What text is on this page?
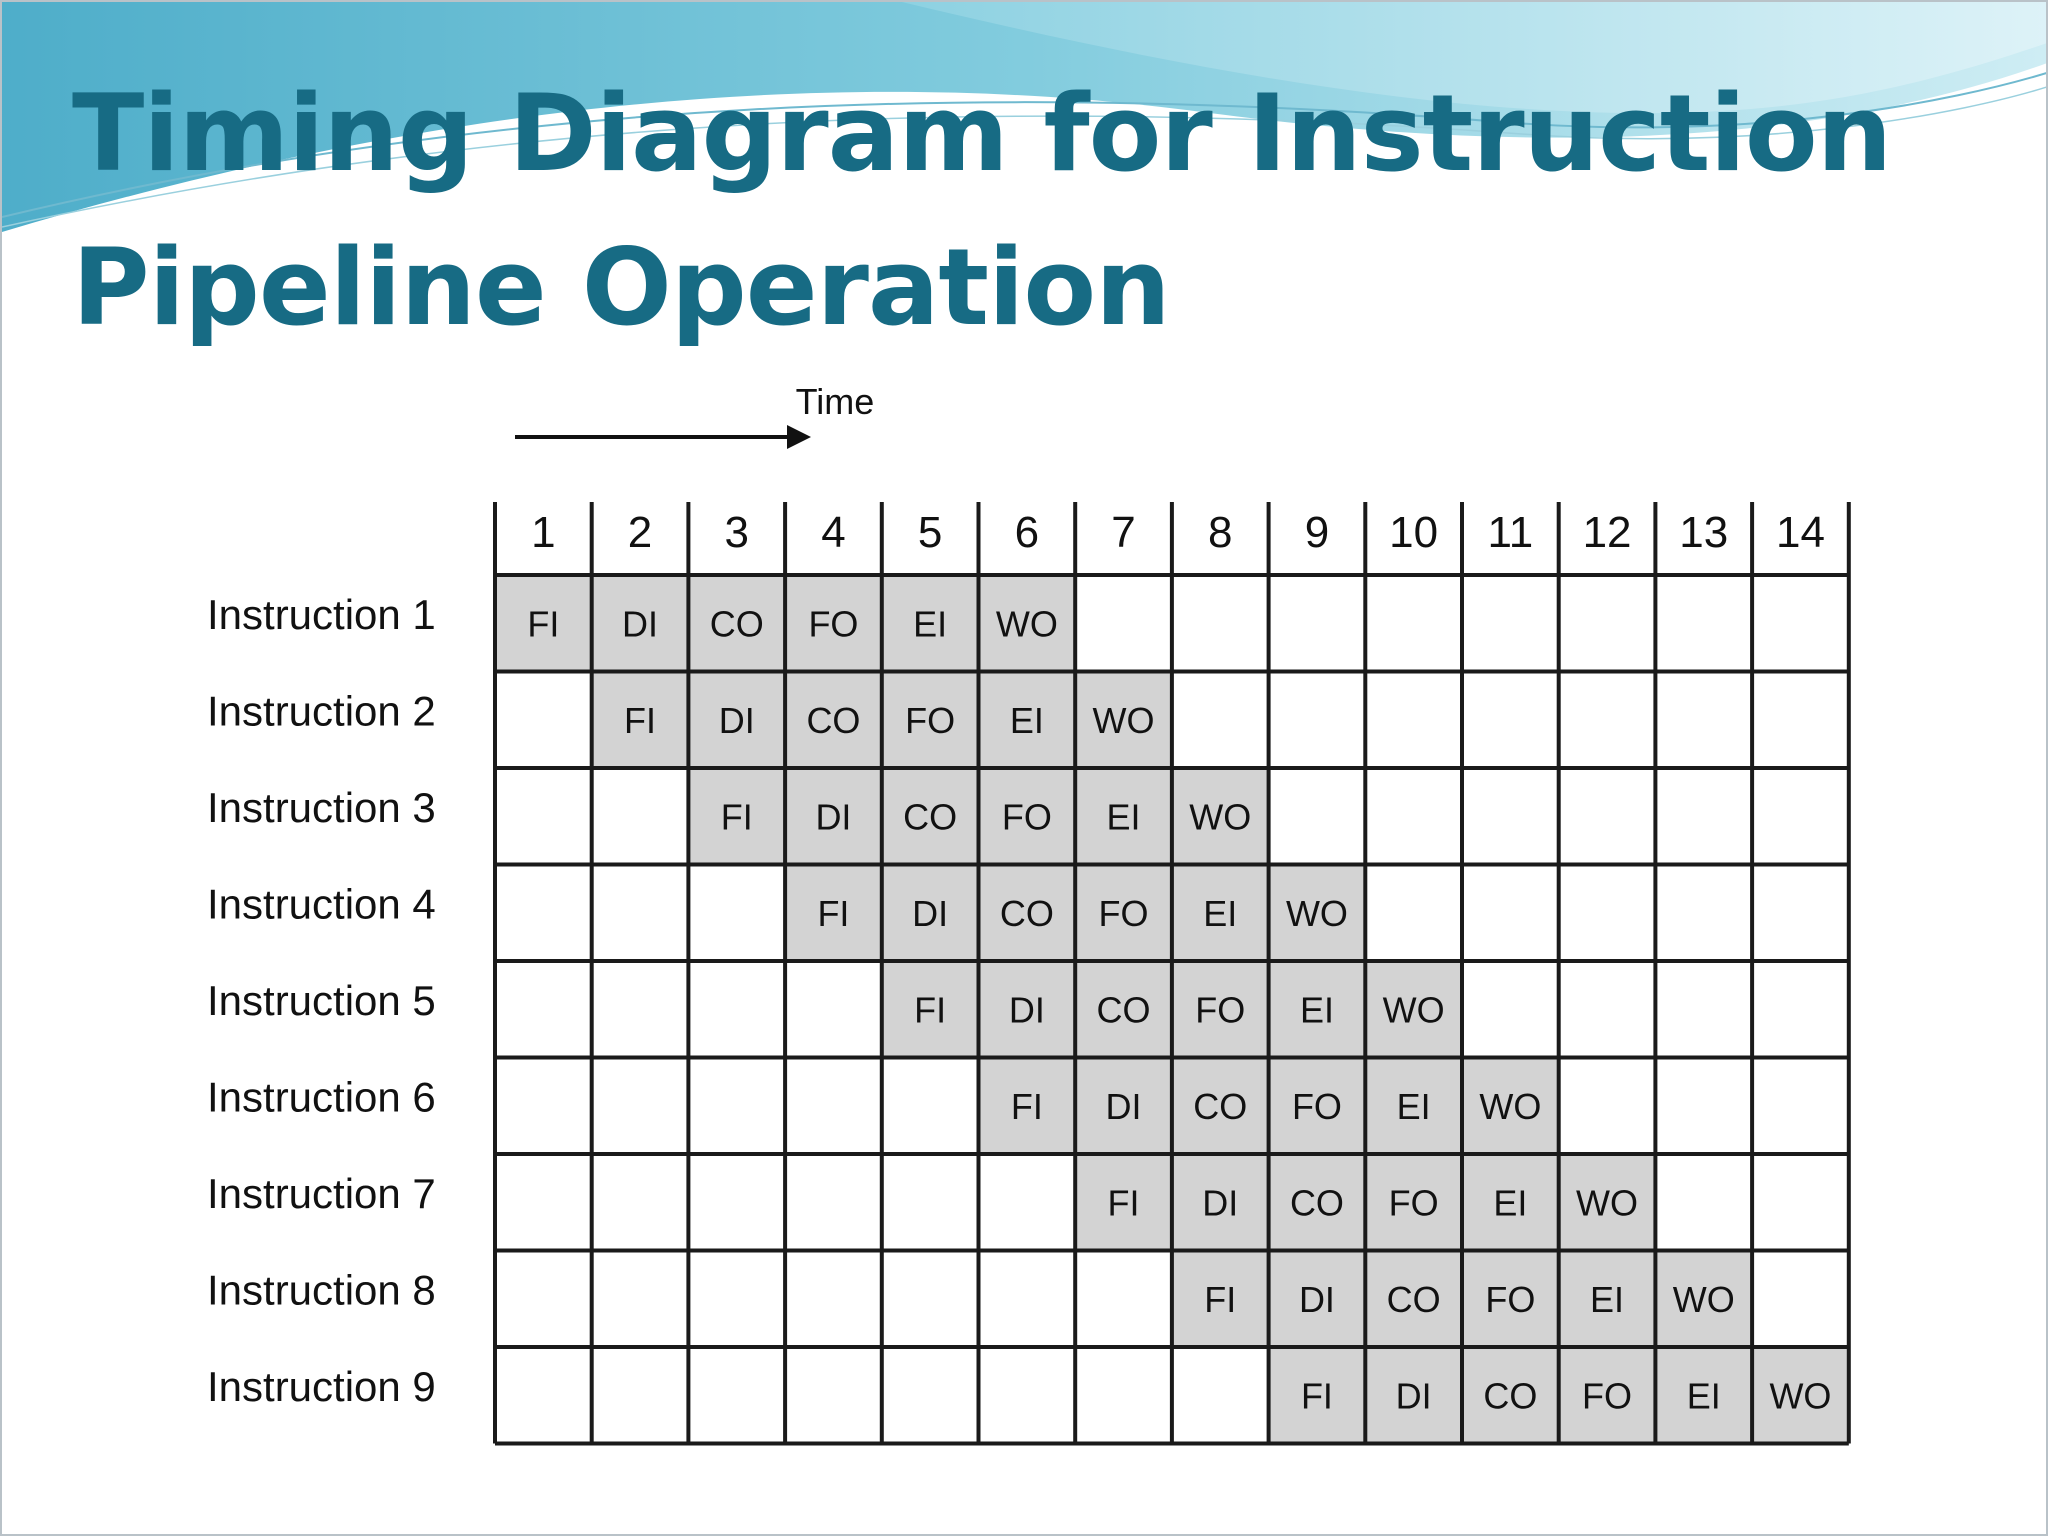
Timing Diagram for Instruction
Pipeline Operation
Time
1 2 3 4 5 6 7 8 9 10 11 12 13 14
Instruction 1
Instruction 2
Instruction 3
Instruction 4
Instruction 5
Instruction 6
Instruction 7
Instruction 8
Instruction 9
FI DI CO FO EI WO
FI DI CO FO EI WO
FI DI CO FO EI WO
FI DI CO FO EI WO
FI DI CO FO EI WO
FI DI CO FO EI WO
FI DI CO FO EI WO
FI DI CO FO EI WO
FI DI CO FO EI WO
